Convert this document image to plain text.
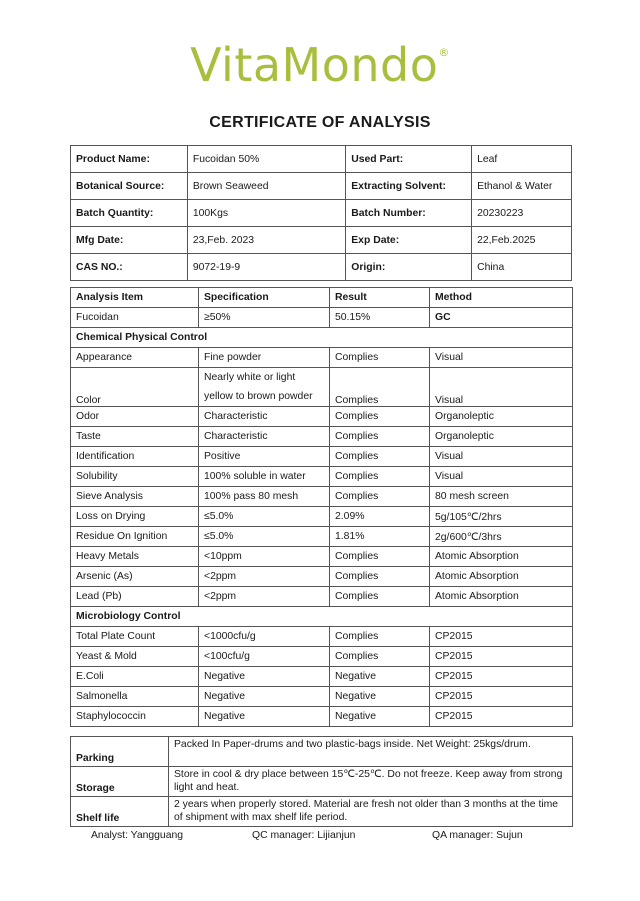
VitaMondo®
CERTIFICATE OF ANALYSIS
Product Name:	Fucoidan 50%	Used Part:	Leaf
Botanical Source:	Brown Seaweed	Extracting Solvent:	Ethanol & Water
Batch Quantity:	100Kgs	Batch Number:	20230223
Mfg Date:	23,Feb. 2023	Exp Date:	22,Feb.2025
CAS NO.:	9072-19-9	Origin:	China
Analysis Item	Specification	Result	Method
Fucoidan	≥50%	50.15%	GC
Chemical Physical Control			
Appearance	Fine powder	Complies	Visual
Color	Nearly white or light yellow to brown powder	Complies	Visual
Odor	Characteristic	Complies	Organoleptic
Taste	Characteristic	Complies	Organoleptic
Identification	Positive	Complies	Visual
Solubility	100% soluble in water	Complies	Visual
Sieve Analysis	100% pass 80 mesh	Complies	80 mesh screen
Loss on Drying	≤5.0%	2.09%	5g/105℃/2hrs
Residue On Ignition	≤5.0%	1.81%	2g/600℃/3hrs
Heavy Metals	<10ppm	Complies	Atomic Absorption
Arsenic (As)	<2ppm	Complies	Atomic Absorption
Lead (Pb)	<2ppm	Complies	Atomic Absorption
Microbiology Control			
Total Plate Count	<1000cfu/g	Complies	CP2015
Yeast & Mold	<100cfu/g	Complies	CP2015
E.Coli	Negative	Negative	CP2015
Salmonella	Negative	Negative	CP2015
Staphylococcin	Negative	Negative	CP2015
Parking	Packed In Paper-drums and two plastic-bags inside. Net Weight: 25kgs/drum.
Storage	Store in cool & dry place between 15℃-25℃. Do not freeze. Keep away from strong light and heat.
Shelf life	2 years when properly stored. Material are fresh not older than 3 months at the time of shipment with max shelf life period.
Analyst: Yangguang	QC manager: Lijianjun	QA manager: Sujun
